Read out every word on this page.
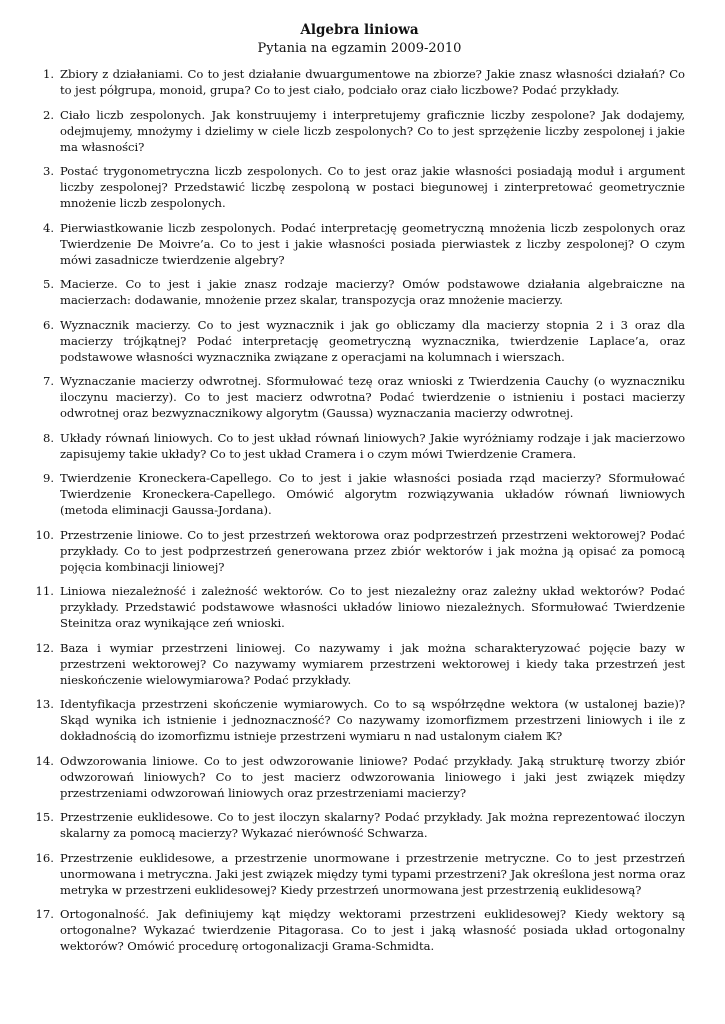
Algebra liniowa
Pytania na egzamin 2009-2010
1. Zbiory z działaniami. Co to jest działanie dwuargumentowe na zbiorze? Jakie znasz własności działań? Co to jest półgrupa, monoid, grupa? Co to jest ciało, podciało oraz ciało liczbowe? Podać przykłady.
2. Ciało liczb zespolonych. Jak konstruujemy i interpretujemy graficznie liczby zespolone? Jak dodajemy, odejmujemy, mnożymy i dzielimy w ciele liczb zespolonych? Co to jest sprzężenie liczby zespolonej i jakie ma własności?
3. Postać trygonometryczna liczb zespolonych. Co to jest oraz jakie własności posiadają moduł i argument liczby zespolonej? Przedstawić liczbę zespoloną w postaci biegunowej i zinterpretować geometrycznie mnożenie liczb zespolonych.
4. Pierwiastkowanie liczb zespolonych. Podać interpretację geometryczną mnożenia liczb zespolonych oraz Twierdzenie De Moivre’a. Co to jest i jakie własności posiada pierwiastek z liczby zespolonej? O czym mówi zasadnicze twierdzenie algebry?
5. Macierze. Co to jest i jakie znasz rodzaje macierzy? Omów podstawowe działania algebraiczne na macierzach: dodawanie, mnożenie przez skalar, transpozycja oraz mnożenie macierzy.
6. Wyznacznik macierzy. Co to jest wyznacznik i jak go obliczamy dla macierzy stopnia 2 i 3 oraz dla macierzy trójkątnej? Podać interpretację geometryczną wyznacznika, twierdzenie Laplace’a, oraz podstawowe własności wyznacznika związane z operacjami na kolumnach i wierszach.
7. Wyznaczanie macierzy odwrotnej. Sformułować tezę oraz wnioski z Twierdzenia Cauchy (o wyznaczniku iloczynu macierzy). Co to jest macierz odwrotna? Podać twierdzenie o istnieniu i postaci macierzy odwrotnej oraz bezwyznacznikowy algorytm (Gaussa) wyznaczania macierzy odwrotnej.
8. Układy równań liniowych. Co to jest układ równań liniowych? Jakie wyróżniamy rodzaje i jak macierzowo zapisujemy takie układy? Co to jest układ Cramera i o czym mówi Twierdzenie Cramera.
9. Twierdzenie Kroneckera-Capellego. Co to jest i jakie własności posiada rząd macierzy? Sformułować Twierdzenie Kroneckera-Capellego. Omówić algorytm rozwiązywania układów równań liwniowych (metoda eliminacji Gaussa-Jordana).
10. Przestrzenie liniowe. Co to jest przestrzeń wektorowa oraz podprzestrzeń przestrzeni wektorowej? Podać przykłady. Co to jest podprzestrzeń generowana przez zbiór wektorów i jak można ją opisać za pomocą pojęcia kombinacji liniowej?
11. Liniowa niezależność i zależność wektorów. Co to jest niezależny oraz zależny układ wektorów? Podać przykłady. Przedstawić podstawowe własności układów liniowo niezależnych. Sformułować Twierdzenie Steinitza oraz wynikające zeń wnioski.
12. Baza i wymiar przestrzeni liniowej. Co nazywamy i jak można scharakteryzować pojęcie bazy w przestrzeni wektorowej? Co nazywamy wymiarem przestrzeni wektorowej i kiedy taka przestrzeń jest nieskończenie wielowymiarowa? Podać przykłady.
13. Identyfikacja przestrzeni skończenie wymiarowych. Co to są współrzędne wektora (w ustalonej bazie)? Skąd wynika ich istnienie i jednoznaczność? Co nazywamy izomorfizmem przestrzeni liniowych i ile z dokładnością do izomorfizmu istnieje przestrzeni wymiaru n nad ustalonym ciałem 𝕂?
14. Odwzorowania liniowe. Co to jest odwzorowanie liniowe? Podać przykłady. Jaką strukturę tworzy zbiór odwzorowań liniowych? Co to jest macierz odwzorowania liniowego i jaki jest związek między przestrzeniami odwzorowań liniowych oraz przestrzeniami macierzy?
15. Przestrzenie euklidesowe. Co to jest iloczyn skalarny? Podać przykłady. Jak można reprezentować iloczyn skalarny za pomocą macierzy? Wykazać nierówność Schwarza.
16. Przestrzenie euklidesowe, a przestrzenie unormowane i przestrzenie metryczne. Co to jest przestrzeń unormowana i metryczna. Jaki jest związek między tymi typami przestrzeni? Jak określona jest norma oraz metryka w przestrzeni euklidesowej? Kiedy przestrzeń unormowana jest przestrzenią euklidesową?
17. Ortogonalność. Jak definiujemy kąt między wektorami przestrzeni euklidesowej? Kiedy wektory są ortogonalne? Wykazać twierdzenie Pitagorasa. Co to jest i jaką własność posiada układ ortogonalny wektorów? Omówić procedurę ortogonalizacji Grama-Schmidta.
